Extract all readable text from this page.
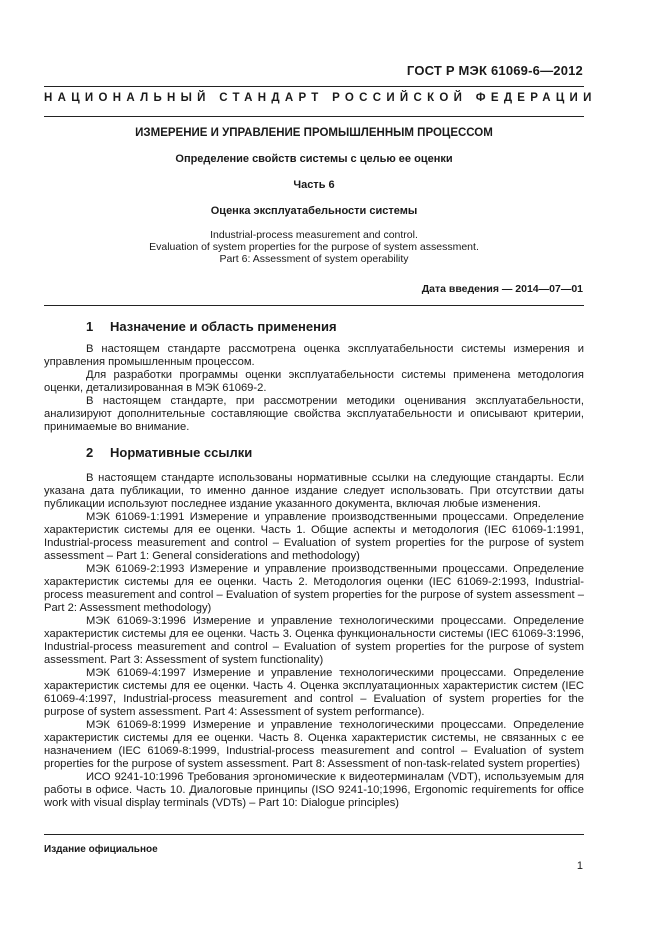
ГОСТ Р МЭК 61069-6—2012
НАЦИОНАЛЬНЫЙ СТАНДАРТ РОССИЙСКОЙ ФЕДЕРАЦИИ
ИЗМЕРЕНИЕ И УПРАВЛЕНИЕ ПРОМЫШЛЕННЫМ ПРОЦЕССОМ
Определение свойств системы с целью ее оценки
Часть 6
Оценка эксплуатабельности системы
Industrial-process measurement and control.
Evaluation of system properties for the purpose of system assessment.
Part 6: Assessment of system operability
Дата введения — 2014—07—01
1 Назначение и область применения

В настоящем стандарте рассмотрена оценка эксплуатабельности системы измерения и управления промышленным процессом.

Для разработки программы оценки эксплуатабельности системы применена методология оценки, детализированная в МЭК 61069-2.

В настоящем стандарте, при рассмотрении методики оценивания эксплуатабельности, анализируют дополнительные составляющие свойства эксплуатабельности и описывают критерии, принимаемые во внимание.

2 Нормативные ссылки

В настоящем стандарте использованы нормативные ссылки на следующие стандарты. Если указана дата публикации, то именно данное издание следует использовать. При отсутствии даты публикации используют последнее издание указанного документа, включая любые изменения.

МЭК 61069-1:1991 Измерение и управление производственными процессами. Определение характеристик системы для ее оценки. Часть 1. Общие аспекты и методология (IEC 61069-1:1991, Industrial-process measurement and control – Evaluation of system properties for the purpose of system assessment – Part 1: General considerations and methodology)

МЭК 61069-2:1993 Измерение и управление производственными процессами. Определение характеристик системы для ее оценки. Часть 2. Методология оценки (IEC 61069-2:1993, Industrial-process measurement and control – Evaluation of system properties for the purpose of system assessment – Part 2: Assessment methodology)

МЭК 61069-3:1996 Измерение и управление технологическими процессами. Определение характеристик системы для ее оценки. Часть 3. Оценка функциональности системы (IEC 61069-3:1996, Industrial-process measurement and control – Evaluation of system properties for the purpose of system assessment. Part 3: Assessment of system functionality)

МЭК 61069-4:1997 Измерение и управление технологическими процессами. Определение характеристик системы для ее оценки. Часть 4. Оценка эксплуатационных характеристик систем (IEC 61069-4:1997, Industrial-process measurement and control – Evaluation of system properties for the purpose of system assessment. Part 4: Assessment of system performance).

МЭК 61069-8:1999 Измерение и управление технологическими процессами. Определение характеристик системы для ее оценки. Часть 8. Оценка характеристик системы, не связанных с ее назначением (IEC 61069-8:1999, Industrial-process measurement and control – Evaluation of system properties for the purpose of system assessment. Part 8: Assessment of non-task-related system properties)

ИСО 9241-10:1996 Требования эргономические к видеотерминалам (VDT), используемым для работы в офисе. Часть 10. Диалоговые принципы (ISO 9241-10;1996, Ergonomic requirements for office work with visual display terminals (VDTs) – Part 10: Dialogue principles)

Издание официальное
1
